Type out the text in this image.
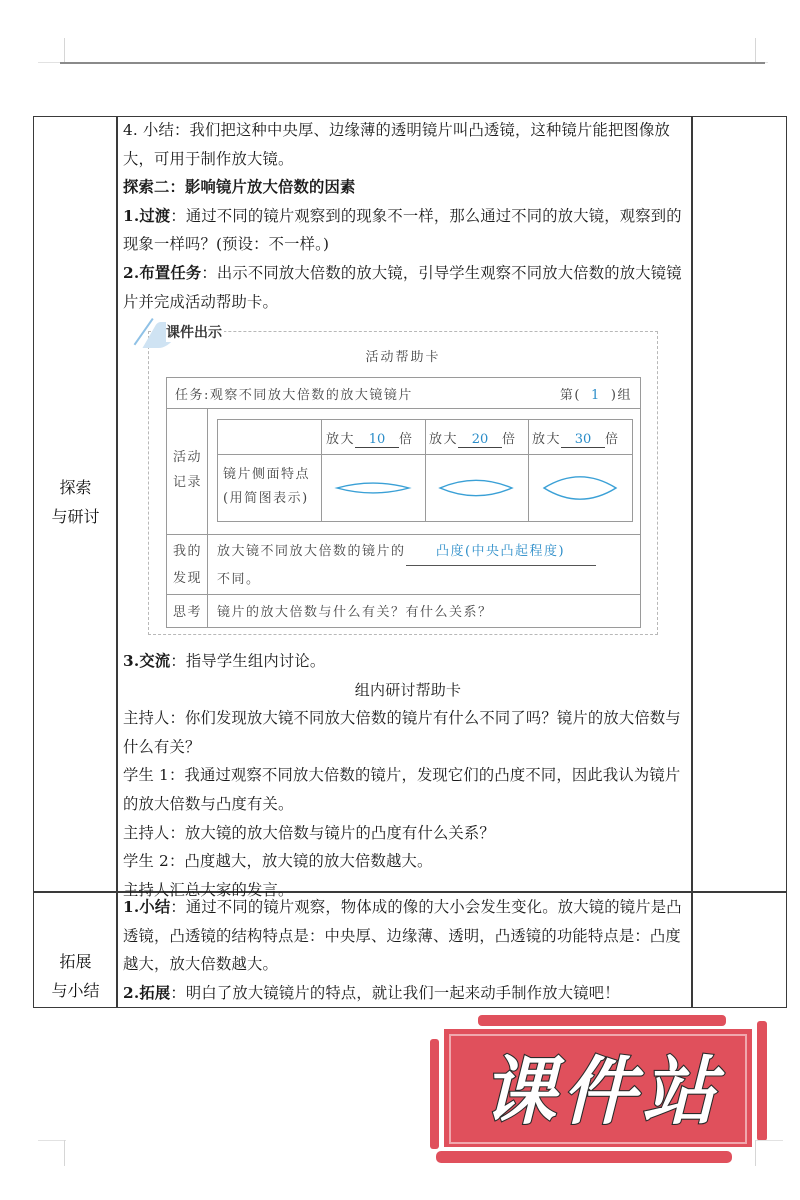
探索
与研讨

4. 小结：我们把这种中央厚、边缘薄的透明镜片叫凸透镜，这种镜片能把图像放大，可用于制作放大镜。

探索二：影响镜片放大倍数的因素

1.过渡：通过不同的镜片观察到的现象不一样，那么通过不同的放大镜，观察到的现象一样吗？(预设：不一样。)

2.布置任务：出示不同放大倍数的放大镜，引导学生观察不同放大倍数的放大镜镜片并完成活动帮助卡。

3.交流：指导学生组内讨论。

组内研讨帮助卡

主持人：你们发现放大镜不同放大倍数的镜片有什么不同了吗？镜片的放大倍数与什么有关？

学生 1：我通过观察不同放大倍数的镜片，发现它们的凸度不同，因此我认为镜片的放大倍数与凸度有关。

主持人：放大镜的放大倍数与镜片的凸度有什么关系？

学生 2：凸度越大，放大镜的放大倍数越大。

主持人汇总大家的发言。

拓展
与小结

1.小结：通过不同的镜片观察，物体成的像的大小会发生变化。放大镜的镜片是凸透镜，凸透镜的结构特点是：中央厚、边缘薄、透明，凸透镜的功能特点是：凸度越大，放大倍数越大。

2.拓展：明白了放大镜镜片的特点，就让我们一起来动手制作放大镜吧！

课件出示
活动帮助卡
任务:观察不同放大倍数的放大镜镜片	第( 1 )组
活动
记录
放大 10 倍 放大 20 倍 放大 30 倍
镜片侧面特点
(用简图表示)
我的
发现
放大镜不同放大倍数的镜片的 凸度(中央凸起程度)
不同。
思考 镜片的放大倍数与什么有关？有什么关系？
课件站
